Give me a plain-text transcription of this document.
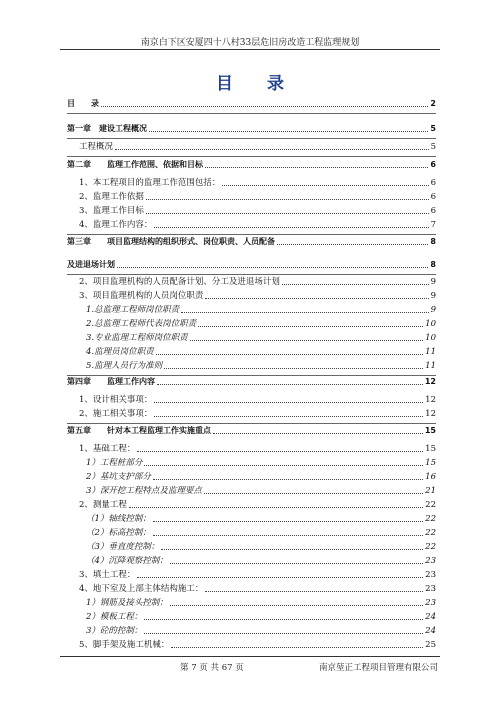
南京白下区安厦四十八村33层危旧房改造工程监理规划
目 录
目　　录	2
第一章　建设工程概况	5
工程概况	5
第二章　　监理工作范围、依据和目标	6
1、本工程项目的监理工作范围包括：	6
2、监理工作依据	6
3、监理工作目标	6
4、监理工作内容：	7
第三章　　项目监理结构的组织形式、岗位职责、人员配备	8
及进退场计划	8
2、项目监理机构的人员配备计划、分工及进退场计划	9
3、项目监理机构的人员岗位职责	9
1.总监理工程师岗位职责	9
2.总监理工程师代表岗位职责	10
3.专业监理工程师岗位职责	10
4.监理员岗位职责	11
5.监理人员行为准则	11
第四章　　监理工作内容	12
1、设计相关事项：	12
2、施工相关事项：	12
第五章　　针对本工程监理工作实施重点	15
1、基础工程：	15
1）工程桩部分	15
2）基坑支护部分	16
3）深开挖工程特点及监理要点	21
2、测量工程	22
（1）轴线控制：	22
（2）标高控制：	22
（3）垂直度控制：	22
（4）沉降观察控制：	23
3、填土工程：	23
4、地下室及上部主体结构施工：	23
1）钢筋及接头控制：	23
2）模板工程：	24
3）砼的控制：	24
5、脚手架及施工机械：	25
第 7 页 共 67 页	南京堃正工程项目管理有限公司
